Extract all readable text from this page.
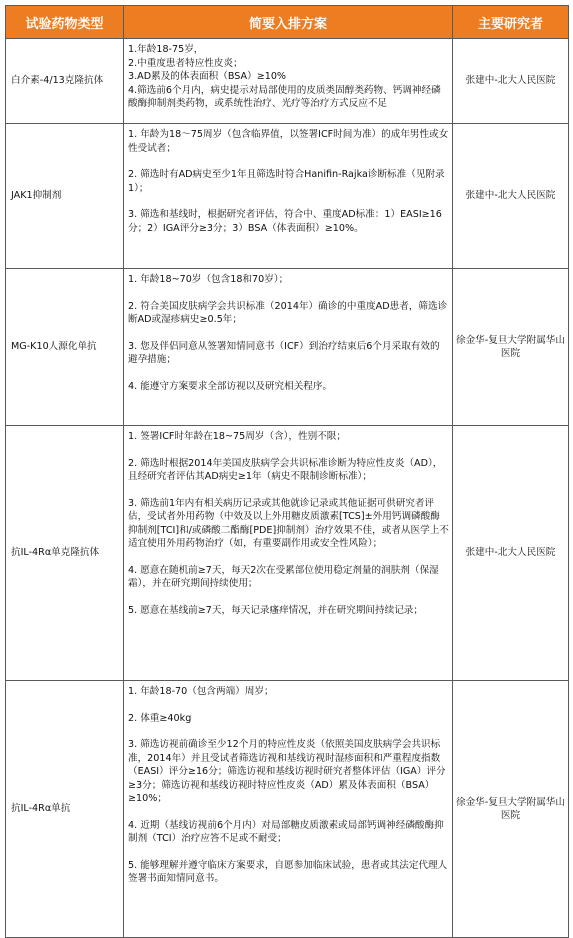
试验药物类型	简要入排方案	主要研究者
白介素-4/13克隆抗体	1.年龄18-75岁，

2.中重度患者特应性皮炎；

3.AD累及的体表面积（BSA）≥10%

4.筛选前6个月内，病史提示对局部使用的皮质类固醇类药物、钙调神经磷酸酶抑制剂类药物，或系统性治疗、光疗等治疗方式反应不足	张建中-北大人民医院
JAK1抑制剂	1. 年龄为18～75周岁（包含临界值，以签署ICF时间为准）的成年男性或女性受试者；

2. 筛选时有AD病史至少1年且筛选时符合Hanifin-Rajka诊断标准（见附录1）；

3. 筛选和基线时，根据研究者评估，符合中、重度AD标准：1）EASI≥16分；2）IGA评分≥3分；3）BSA（体表面积）≥10%。	张建中-北大人民医院
MG-K10人源化单抗	1. 年龄18~70岁（包含18和70岁）；

2. 符合美国皮肤病学会共识标准（2014年）确诊的中重度AD患者，筛选诊断AD或湿疹病史≥0.5年；

3. 您及伴侣同意从签署知情同意书（ICF）到治疗结束后6个月采取有效的避孕措施；

4. 能遵守方案要求全部访视以及研究相关程序。	徐金华-复旦大学附属华山医院
抗IL-4Rα单克隆抗体	1. 签署ICF时年龄在18~75周岁（含），性别不限；

2. 筛选时根据2014年美国皮肤病学会共识标准诊断为特应性皮炎（AD），且经研究者评估其AD病史≥1年（病史不限制诊断标准）；

3. 筛选前1年内有相关病历记录或其他就诊记录或其他证据可供研究者评估，受试者外用药物（中效及以上外用糖皮质激素[TCS]±外用钙调磷酸酶抑制剂[TCI]和/或磷酸二酯酶[PDE]抑制剂）治疗效果不佳，或者从医学上不适宜使用外用药物治疗（如，有重要副作用或安全性风险）；

4. 愿意在随机前≥7天，每天2次在受累部位使用稳定剂量的润肤剂（保湿霜），并在研究期间持续使用；

5. 愿意在基线前≥7天，每天记录瘙痒情况，并在研究期间持续记录；	张建中-北大人民医院
抗IL-4Rα单抗	1. 年龄18-70（包含两端）周岁；

2. 体重≥40kg

3. 筛选访视前确诊至少12个月的特应性皮炎（依照美国皮肤病学会共识标准，2014年）并且受试者筛选访视和基线访视时湿疹面积和严重程度指数（EASI）评分≥16分；筛选访视和基线访视时研究者整体评估（IGA）评分≥3分；筛选访视和基线访视时特应性皮炎（AD）累及体表面积（BSA）≥10%；

4. 近期（基线访视前6个月内）对局部糖皮质激素或局部钙调神经磷酸酶抑制剂（TCI）治疗应答不足或不耐受；

5. 能够理解并遵守临床方案要求，自愿参加临床试验，患者或其法定代理人签署书面知情同意书。	徐金华-复旦大学附属华山医院
